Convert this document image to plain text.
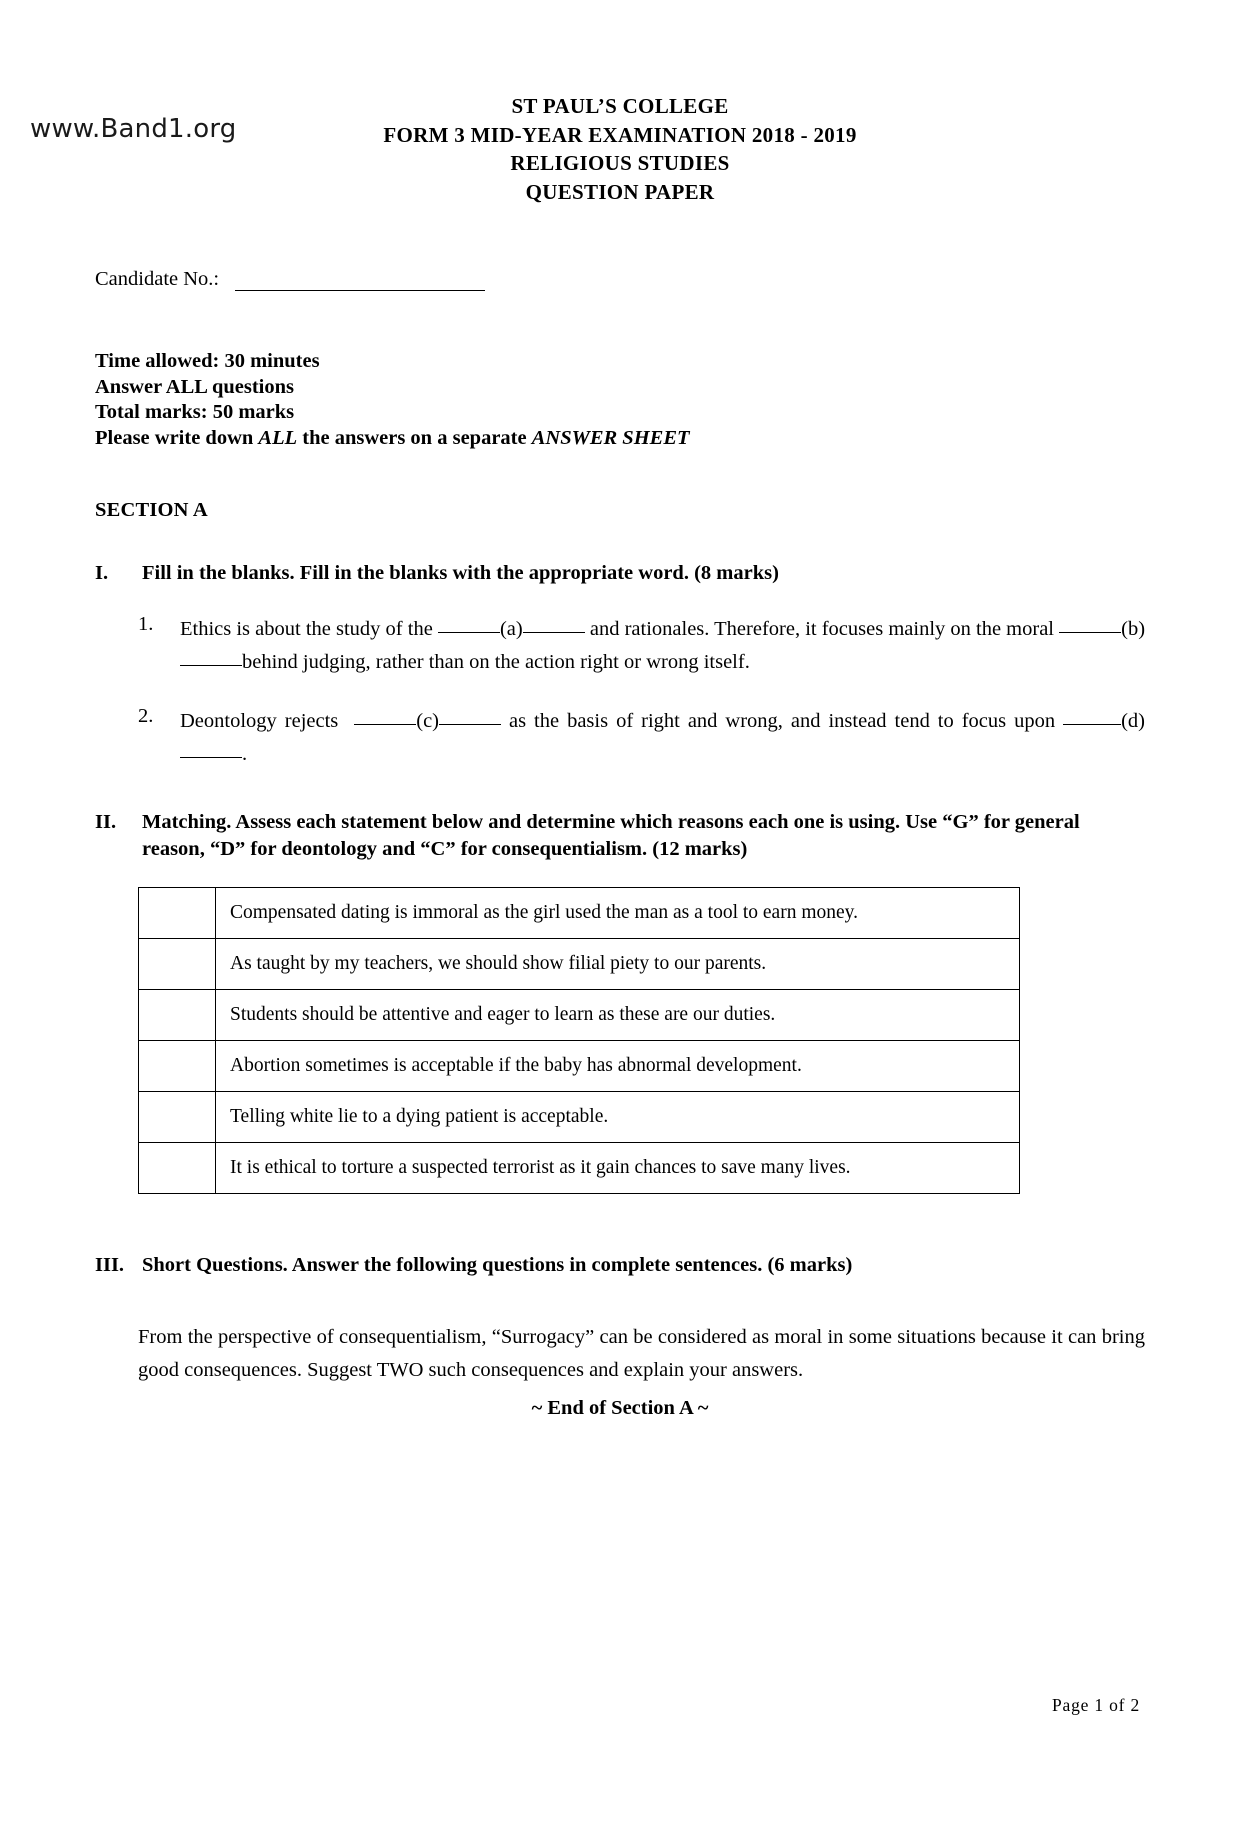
www.Band1.org
ST PAUL’S COLLEGE
FORM 3 MID-YEAR EXAMINATION 2018 - 2019
RELIGIOUS STUDIES
QUESTION PAPER
Candidate No.:
Time allowed: 30 minutes
Answer ALL questions
Total marks: 50 marks
Please write down ALL the answers on a separate ANSWER SHEET
SECTION A
I.	Fill in the blanks. Fill in the blanks with the appropriate word. (8 marks)
1.	Ethics is about the study of the	(a)	and rationales. Therefore, it focuses mainly on the moral	(b)behind judging, rather than on the action right or wrong itself.
2.	Deontology rejects	(c)	as the basis of right and wrong, and instead tend to focus upon	(d).
II.	Matching. Assess each statement below and determine which reasons each one is using. Use “G” for general reason, “D” for deontology and “C” for consequentialism. (12 marks)
	Compensated dating is immoral as the girl used the man as a tool to earn money.
	As taught by my teachers, we should show filial piety to our parents.
	Students should be attentive and eager to learn as these are our duties.
	Abortion sometimes is acceptable if the baby has abnormal development.
	Telling white lie to a dying patient is acceptable.
	It is ethical to torture a suspected terrorist as it gain chances to save many lives.
III. Short Questions. Answer the following questions in complete sentences. (6 marks)
From the perspective of consequentialism, “Surrogacy” can be considered as moral in some situations because it can bring good consequences. Suggest TWO such consequences and explain your answers.
~ End of Section A ~
Page 1 of 2
